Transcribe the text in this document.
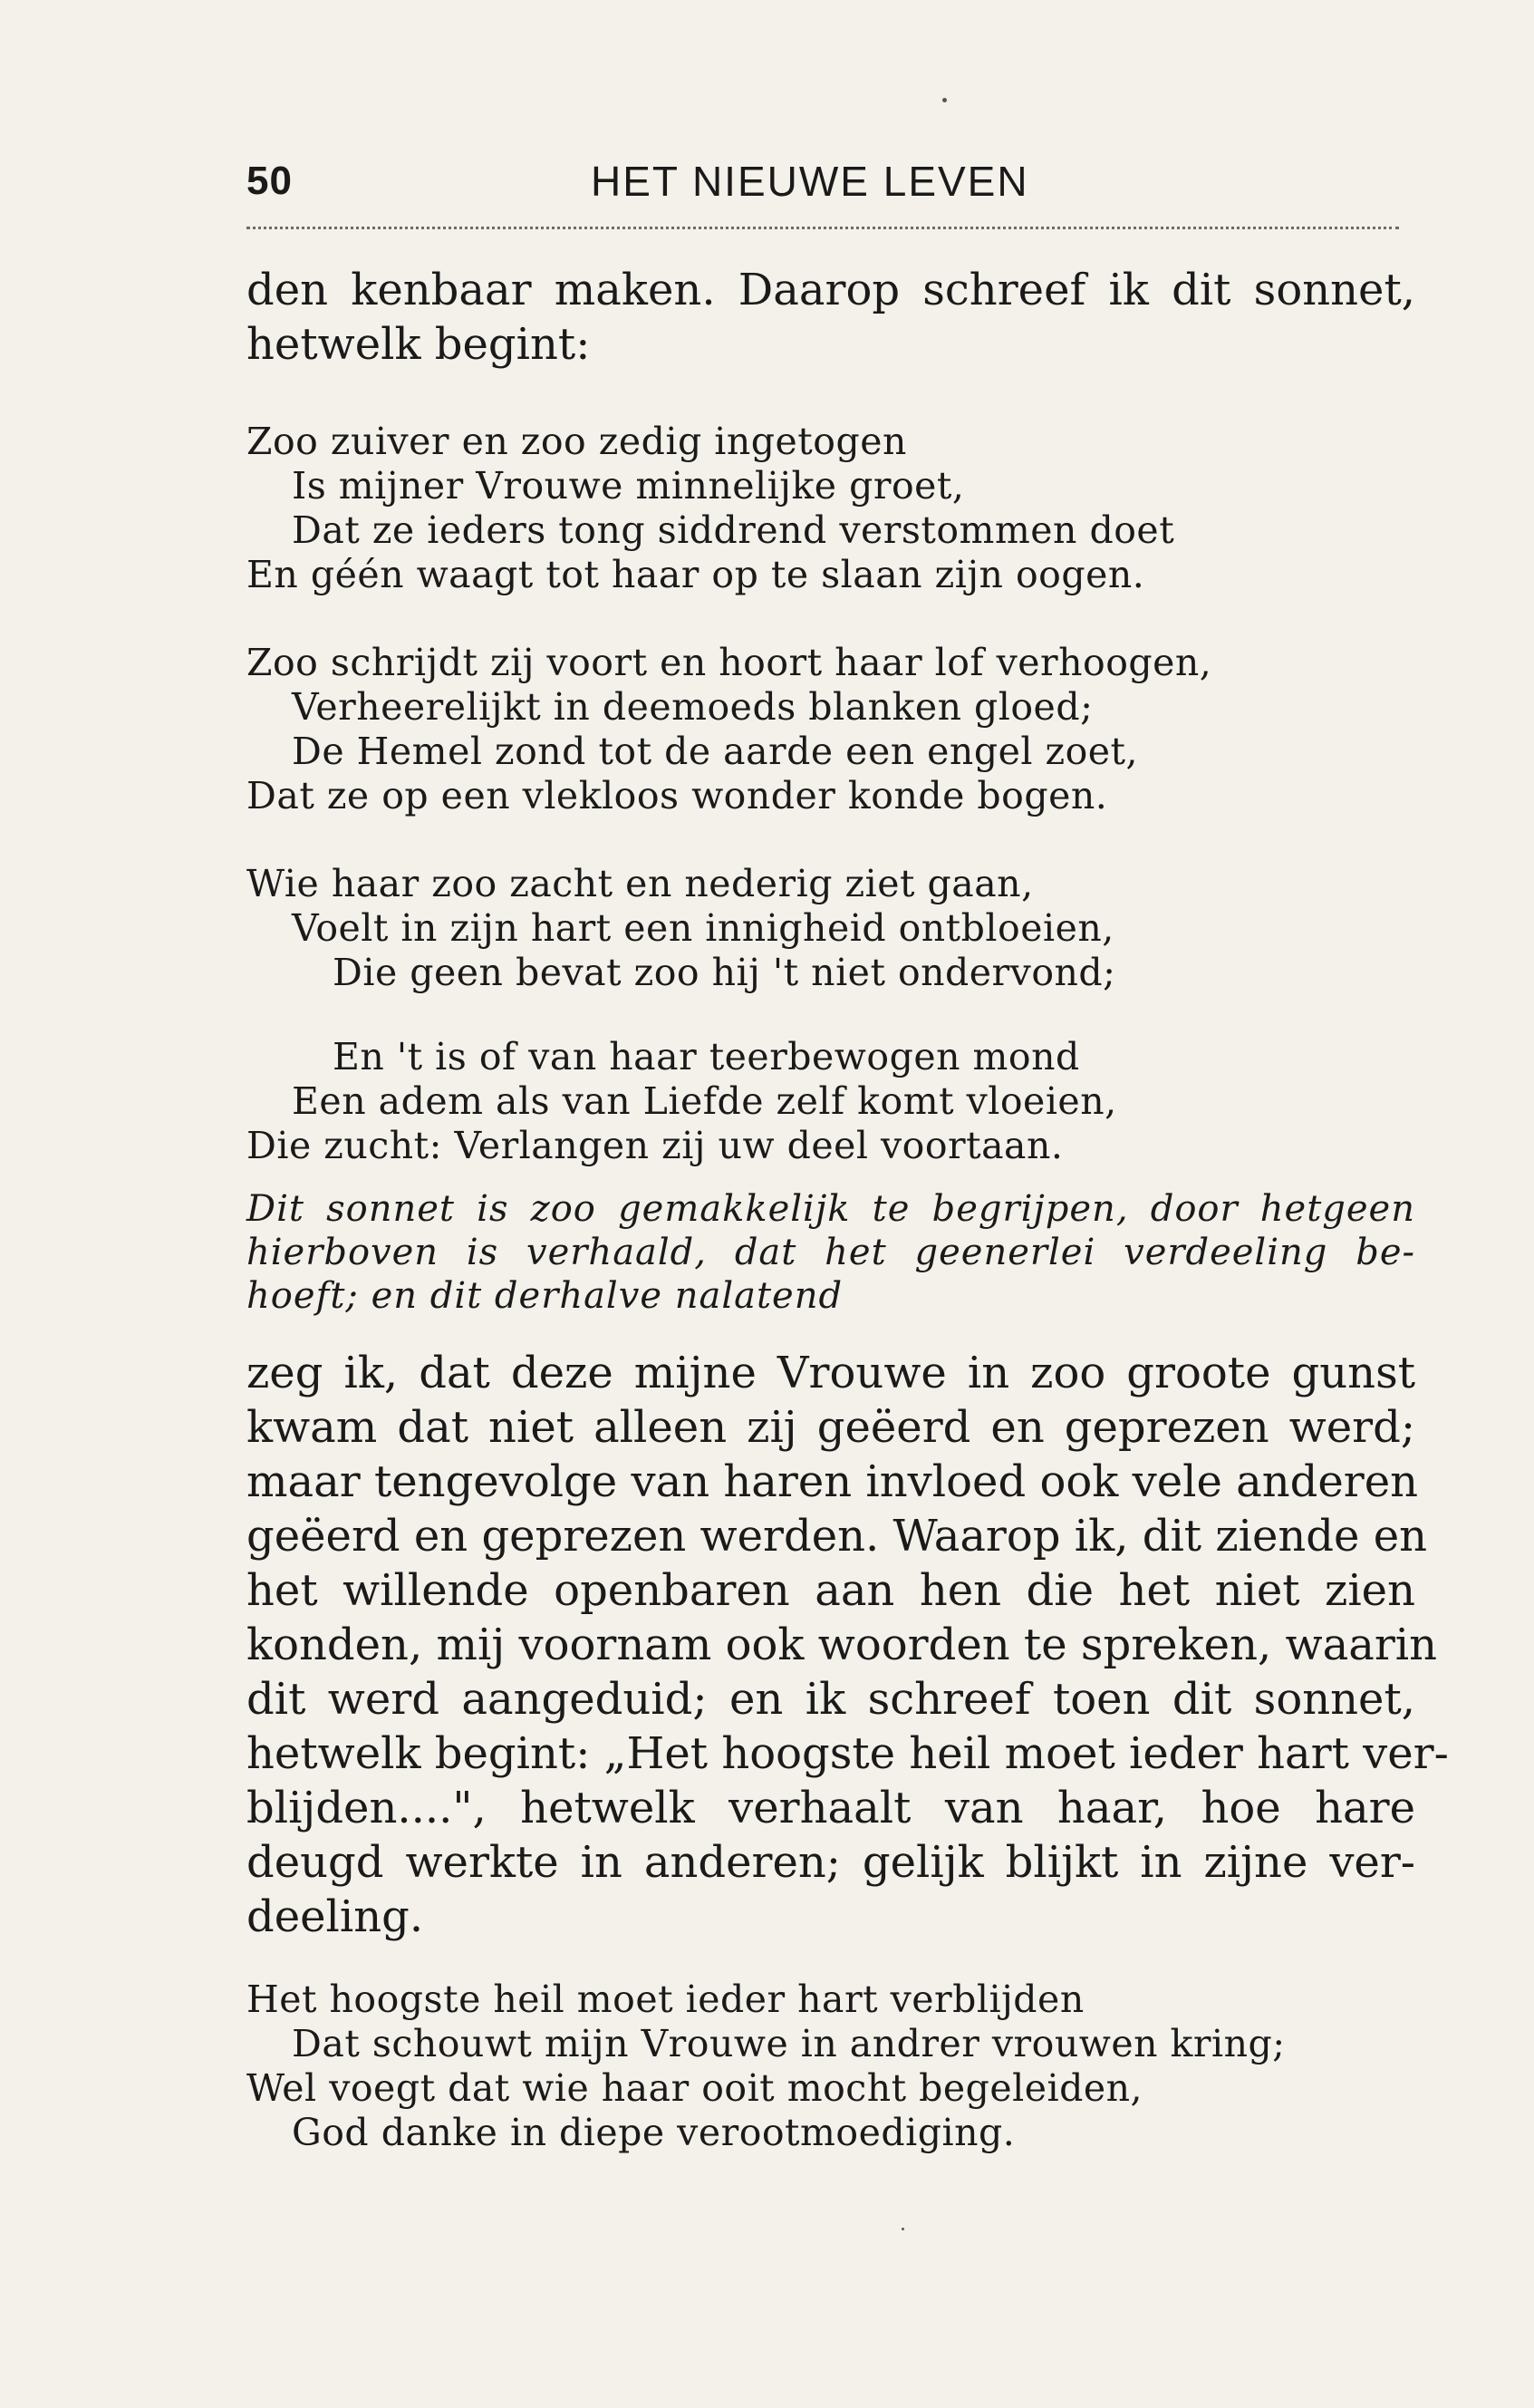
50	HET NIEUWE LEVEN
den kenbaar maken. Daarop schreef ik dit sonnet,
hetwelk begint:
Zoo zuiver en zoo zedig ingetogen
Is mijner Vrouwe minnelijke groet,
Dat ze ieders tong siddrend verstommen doet
En géén waagt tot haar op te slaan zijn oogen.
Zoo schrijdt zij voort en hoort haar lof verhoogen,
Verheerelijkt in deemoeds blanken gloed;
De Hemel zond tot de aarde een engel zoet,
Dat ze op een vlekloos wonder konde bogen.
Wie haar zoo zacht en nederig ziet gaan,
Voelt in zijn hart een innigheid ontbloeien,
Die geen bevat zoo hij 't niet ondervond;
En 't is of van haar teerbewogen mond
Een adem als van Liefde zelf komt vloeien,
Die zucht: Verlangen zij uw deel voortaan.
Dit sonnet is zoo gemakkelijk te begrijpen, door hetgeen
hierboven is verhaald, dat het geenerlei verdeeling be-
hoeft; en dit derhalve nalatend
zeg ik, dat deze mijne Vrouwe in zoo groote gunst
kwam dat niet alleen zij geëerd en geprezen werd;
maar tengevolge van haren invloed ook vele anderen
geëerd en geprezen werden. Waarop ik, dit ziende en
het willende openbaren aan hen die het niet zien
konden, mij voornam ook woorden te spreken, waarin
dit werd aangeduid; en ik schreef toen dit sonnet,
hetwelk begint: „Het hoogste heil moet ieder hart ver-
blijden....", hetwelk verhaalt van haar, hoe hare
deugd werkte in anderen; gelijk blijkt in zijne ver-
deeling.
Het hoogste heil moet ieder hart verblijden
Dat schouwt mijn Vrouwe in andrer vrouwen kring;
Wel voegt dat wie haar ooit mocht begeleiden,
God danke in diepe verootmoediging.
